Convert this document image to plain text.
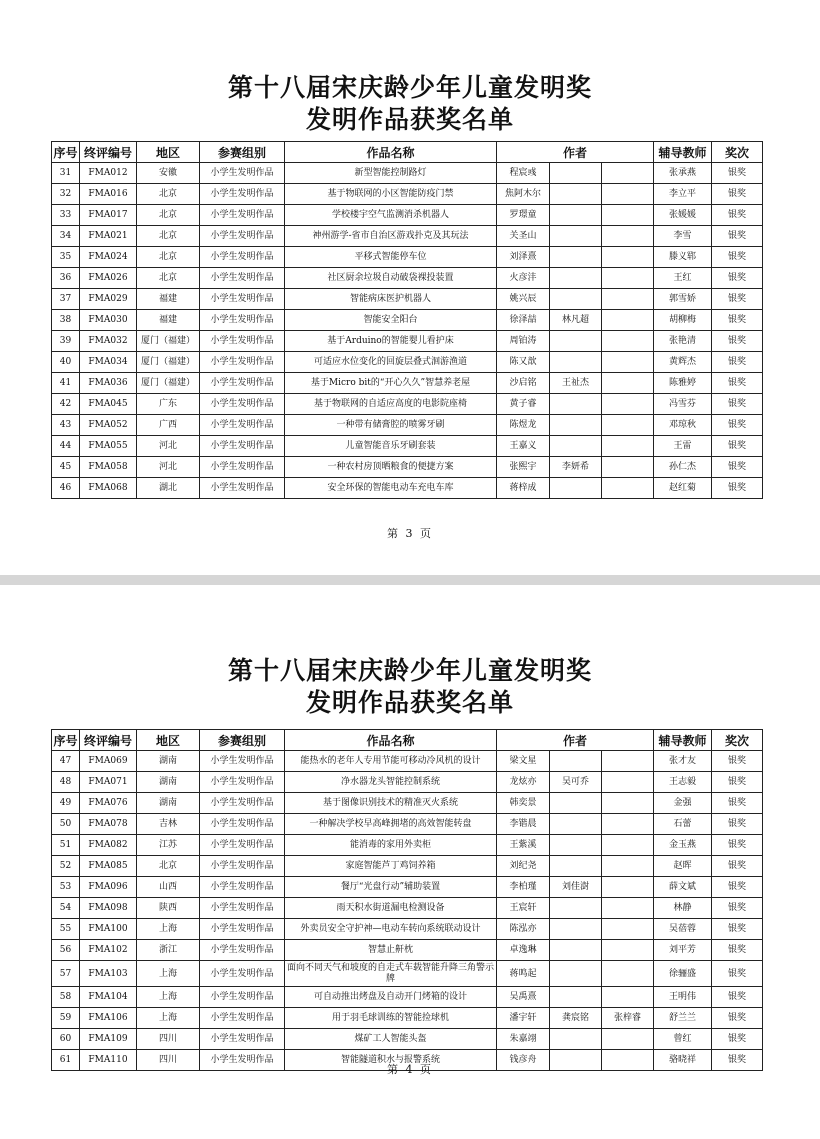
第十八届宋庆龄少年儿童发明奖
发明作品获奖名单
序号	终评编号	地区	参赛组别	作品名称	作者			辅导教师	奖次
31	FMA012	安徽	小学生发明作品	新型智能控制路灯	程宸彧			张承燕	银奖
32	FMA016	北京	小学生发明作品	基于物联网的小区智能防疫门禁	焦阿木尔			李立平	银奖
33	FMA017	北京	小学生发明作品	学校楼宇空气监测消杀机器人	罗璟童			张媛媛	银奖
34	FMA021	北京	小学生发明作品	神州游学-省市自治区游戏扑克及其玩法	关圣山			李雪	银奖
35	FMA024	北京	小学生发明作品	平移式智能停车位	刘泽熹			滕义郓	银奖
36	FMA026	北京	小学生发明作品	社区厨余垃圾自动破袋裸投装置	火彦沣			王红	银奖
37	FMA029	福建	小学生发明作品	智能病床医护机器人	姚兴辰			郭雪娇	银奖
38	FMA030	福建	小学生发明作品	智能安全阳台	徐泽喆	林凡超		胡柳梅	银奖
39	FMA032	厦门（福建）	小学生发明作品	基于Arduino的智能婴儿看护床	周铂涛			张艳清	银奖
40	FMA034	厦门（福建）	小学生发明作品	可适应水位变化的回旋层叠式洄游渔道	陈又歆			黄辉杰	银奖
41	FMA036	厦门（福建）	小学生发明作品	基于Micro bit的“开心久久”智慧养老屋	沙启铭	王祉杰		陈雅婷	银奖
42	FMA045	广东	小学生发明作品	基于物联网的自适应高度的电影院座椅	黄子睿			冯雪芬	银奖
43	FMA052	广西	小学生发明作品	一种带有储膏腔的喷雾牙刷	陈煜龙			邓琼秋	银奖
44	FMA055	河北	小学生发明作品	儿童智能音乐牙刷套装	王嘉义			王雷	银奖
45	FMA058	河北	小学生发明作品	一种农村房顶晒粮食的便捷方案	张熙宇	李妍希		孙仁杰	银奖
46	FMA068	湖北	小学生发明作品	安全环保的智能电动车充电车库	蒋梓成			赵红菊	银奖
第 3 页
第十八届宋庆龄少年儿童发明奖
发明作品获奖名单
序号	终评编号	地区	参赛组别	作品名称	作者			辅导教师	奖次
47	FMA069	湖南	小学生发明作品	能热水的老年人专用节能可移动冷风机的设计	梁文星			张才友	银奖
48	FMA071	湖南	小学生发明作品	净水器龙头智能控制系统	龙炫亦	吴可乔		王志毅	银奖
49	FMA076	湖南	小学生发明作品	基于图像识别技术的精准灭火系统	韩奕景			金强	银奖
50	FMA078	吉林	小学生发明作品	一种解决学校早高峰拥堵的高效智能转盘	李锴晨			石蕾	银奖
51	FMA082	江苏	小学生发明作品	能消毒的家用外卖柜	王紫溪			金玉燕	银奖
52	FMA085	北京	小学生发明作品	家庭智能芦丁鸡饲养箱	刘纪尧			赵晖	银奖
53	FMA096	山西	小学生发明作品	餐厅“光盘行动”辅助装置	李柏瑾	刘佳澍		薛文斌	银奖
54	FMA098	陕西	小学生发明作品	雨天积水街道漏电检测设备	王宸轩			林静	银奖
55	FMA100	上海	小学生发明作品	外卖员安全守护神—电动车转向系统联动设计	陈泓亦			吴蓓蓉	银奖
56	FMA102	浙江	小学生发明作品	智慧止鼾枕	卓逸琳			刘平芳	银奖
57	FMA103	上海	小学生发明作品	面向不同天气和坡度的自走式车载智能升降三角警示牌	蒋鸣起			徐骊盛	银奖
58	FMA104	上海	小学生发明作品	可自动推出烤盘及自动开门烤箱的设计	吴禹熹			王明伟	银奖
59	FMA106	上海	小学生发明作品	用于羽毛球训练的智能捡球机	潘宇轩	龚宸铭	张梓睿	舒兰兰	银奖
60	FMA109	四川	小学生发明作品	煤矿工人智能头盔	朱嘉翊			曾红	银奖
61	FMA110	四川	小学生发明作品	智能隧道积水与报警系统	钱彦舟			骆晓祥	银奖
第 4 页
